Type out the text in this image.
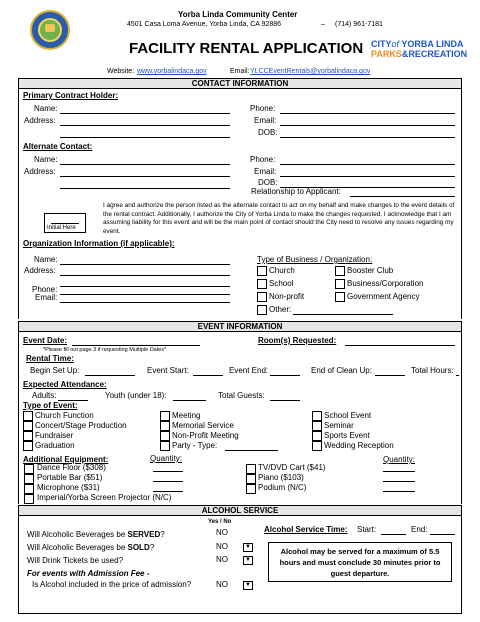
Yorba Linda Community Center
4501 Casa Loma Avenue, Yorba Linda, CA 92886	– (714) 961-7181
FACILITY RENTAL APPLICATION CITYof YORBA LINDA
PARKS&RECREATION
Website: www.yorbalindaca.gov	Email: YLCCEventRentals@yorbalindaca.gov
CONTACT INFORMATION
Primary Contract Holder:
Name:
Address:
Phone:
Email:
DOB:
Alternate Contact:
Name:
Address:
Phone:
Email:
DOB:
Relationship to Applicant:
Initial Here
I agree and authorize the person listed as the alternate contact to act on my behalf and make changes to the event details of the rental contract. Additionally, I authorize the City of Yorba Linda to make the changes requested. I acknowledge that I am assuming liability for this event and will be the main point of contact should the City need to resolve any issues regarding my event.
Organization Information (if applicable):
Name:
Address:
Phone:
Email:
Type of Business / Organization:
Church	Booster Club
School	Business/Corporation
Non-profit	Government Agency
Other:
EVENT INFORMATION
Event Date:	Room(s) Requested:
*Please fill out page 3 if requesting Multiple Dates*
Rental Time:
Begin Set Up:	Event Start:	Event End:	End of Clean Up:	Total Hours:
Expected Attendance:
Adults:	Youth (under 18):	Total Guests:
Type of Event:
Church Function
Concert/Stage Production
Fundraiser
Graduation
Meeting
Memorial Service
Non-Profit Meeting
Party - Type:
School Event
Seminar
Sports Event
Wedding Reception
Additional Equipment:	Quantity:	Quantity:
Dance Floor ($308)
Portable Bar ($51)
Microphone ($31)
Imperial/Yorba Screen Projector (N/C)
TV/DVD Cart ($41)
Piano ($103)
Podium (N/C)
ALCOHOL SERVICE
Yes / No
Will Alcoholic Beverages be SERVED?	NO
Will Alcoholic Beverages be SOLD?	NO	▼
Will Drink Tickets be used?	NO	▼
For events with Admission Fee -
Is Alcohol included in the price of admission?	NO	▼
Alcohol Service Time: Start:	End:
Alcohol may be served for a maximum of 5.5 hours and must conclude 30 minutes prior to guest departure.
